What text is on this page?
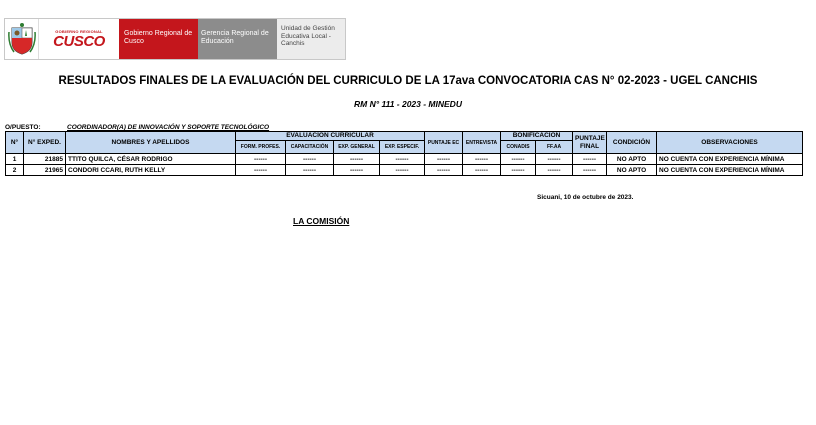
GOBIERNO REGIONAL
CUSCO	Gobierno Regional de Cusco
Gerencia Regional de Educación
Unidad de Gestión Educativa Local - Canchis
RESULTADOS FINALES DE LA EVALUACIÓN DEL CURRICULO DE LA 17ava CONVOCATORIA CAS N° 02-2023 - UGEL CANCHIS
RM N° 111 - 2023 - MINEDU
O/PUESTO:	COORDINADOR(A) DE INNOVACIÓN Y SOPORTE TECNOLÓGICO
N°	N° EXPED.	NOMBRES Y APELLIDOS	EVALUACION CURRICULAR				PUNTAJE EC	ENTREVISTA	BONIFICACIÓN		PUNTAJE FINAL	CONDICIÓN	OBSERVACIONES
			FORM. PROFES.	CAPACITACIÓN	EXP. GENERAL	EXP. ESPECIF.			CONADIS	FF.AA			
1	21885	TTITO QUILCA, CÉSAR RODRIGO	------	------	------	------	------	------	------	------	------	NO APTO	NO CUENTA CON EXPERIENCIA MÍNIMA
2	21965	CONDORI CCARI, RUTH KELLY	------	------	------	------	------	------	------	------	------	NO APTO	NO CUENTA CON EXPERIENCIA MÍNIMA
Sicuani, 10 de octubre de 2023.
LA COMISIÓN
